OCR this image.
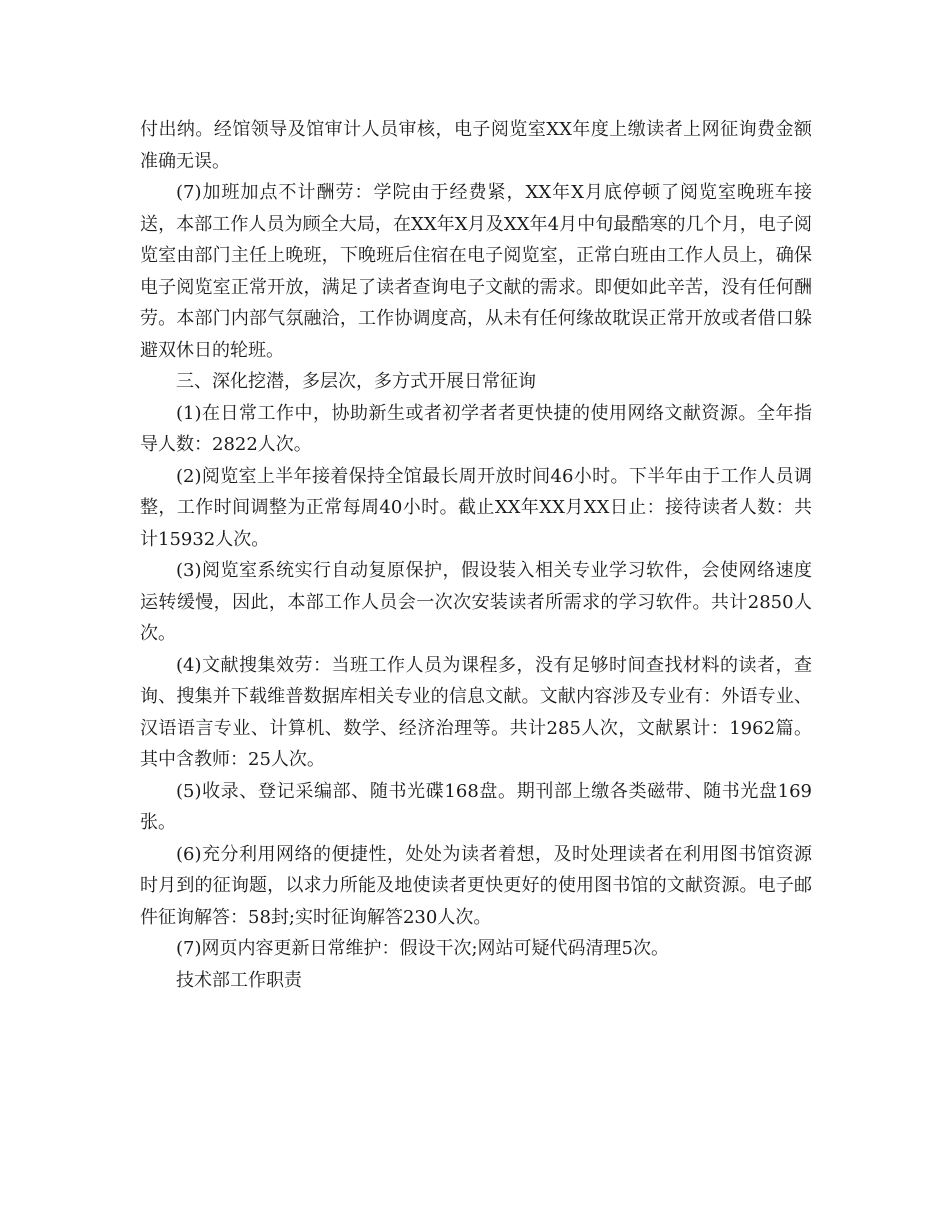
付出纳。经馆领导及馆审计人员审核，电子阅览室XX年度上缴读者上网征询费金额准确无误。

(7)加班加点不计酬劳：学院由于经费紧，XX年X月底停顿了阅览室晚班车接送，本部工作人员为顾全大局，在XX年X月及XX年4月中旬最酷寒的几个月，电子阅览室由部门主任上晚班，下晚班后住宿在电子阅览室，正常白班由工作人员上，确保电子阅览室正常开放，满足了读者查询电子文献的需求。即便如此辛苦，没有任何酬劳。本部门内部气氛融洽，工作协调度高，从未有任何缘故耽误正常开放或者借口躲避双休日的轮班。

三、深化挖潜，多层次，多方式开展日常征询

(1)在日常工作中，协助新生或者初学者者更快捷的使用网络文献资源。全年指导人数：2822人次。

(2)阅览室上半年接着保持全馆最长周开放时间46小时。下半年由于工作人员调整，工作时间调整为正常每周40小时。截止XX年XX月XX日止：接待读者人数：共计15932人次。

(3)阅览室系统实行自动复原保护，假设装入相关专业学习软件，会使网络速度运转缓慢，因此，本部工作人员会一次次安装读者所需求的学习软件。共计2850人次。

(4)文献搜集效劳：当班工作人员为课程多，没有足够时间查找材料的读者，查询、搜集并下载维普数据库相关专业的信息文献。文献内容涉及专业有：外语专业、汉语语言专业、计算机、数学、经济治理等。共计285人次，文献累计：1962篇。其中含教师：25人次。

(5)收录、登记采编部、随书光碟168盘。期刊部上缴各类磁带、随书光盘169张。

(6)充分利用网络的便捷性，处处为读者着想，及时处理读者在利用图书馆资源时月到的征询题，以求力所能及地使读者更快更好的使用图书馆的文献资源。电子邮件征询解答：58封;实时征询解答230人次。

(7)网页内容更新日常维护：假设干次;网站可疑代码清理5次。

技术部工作职责
